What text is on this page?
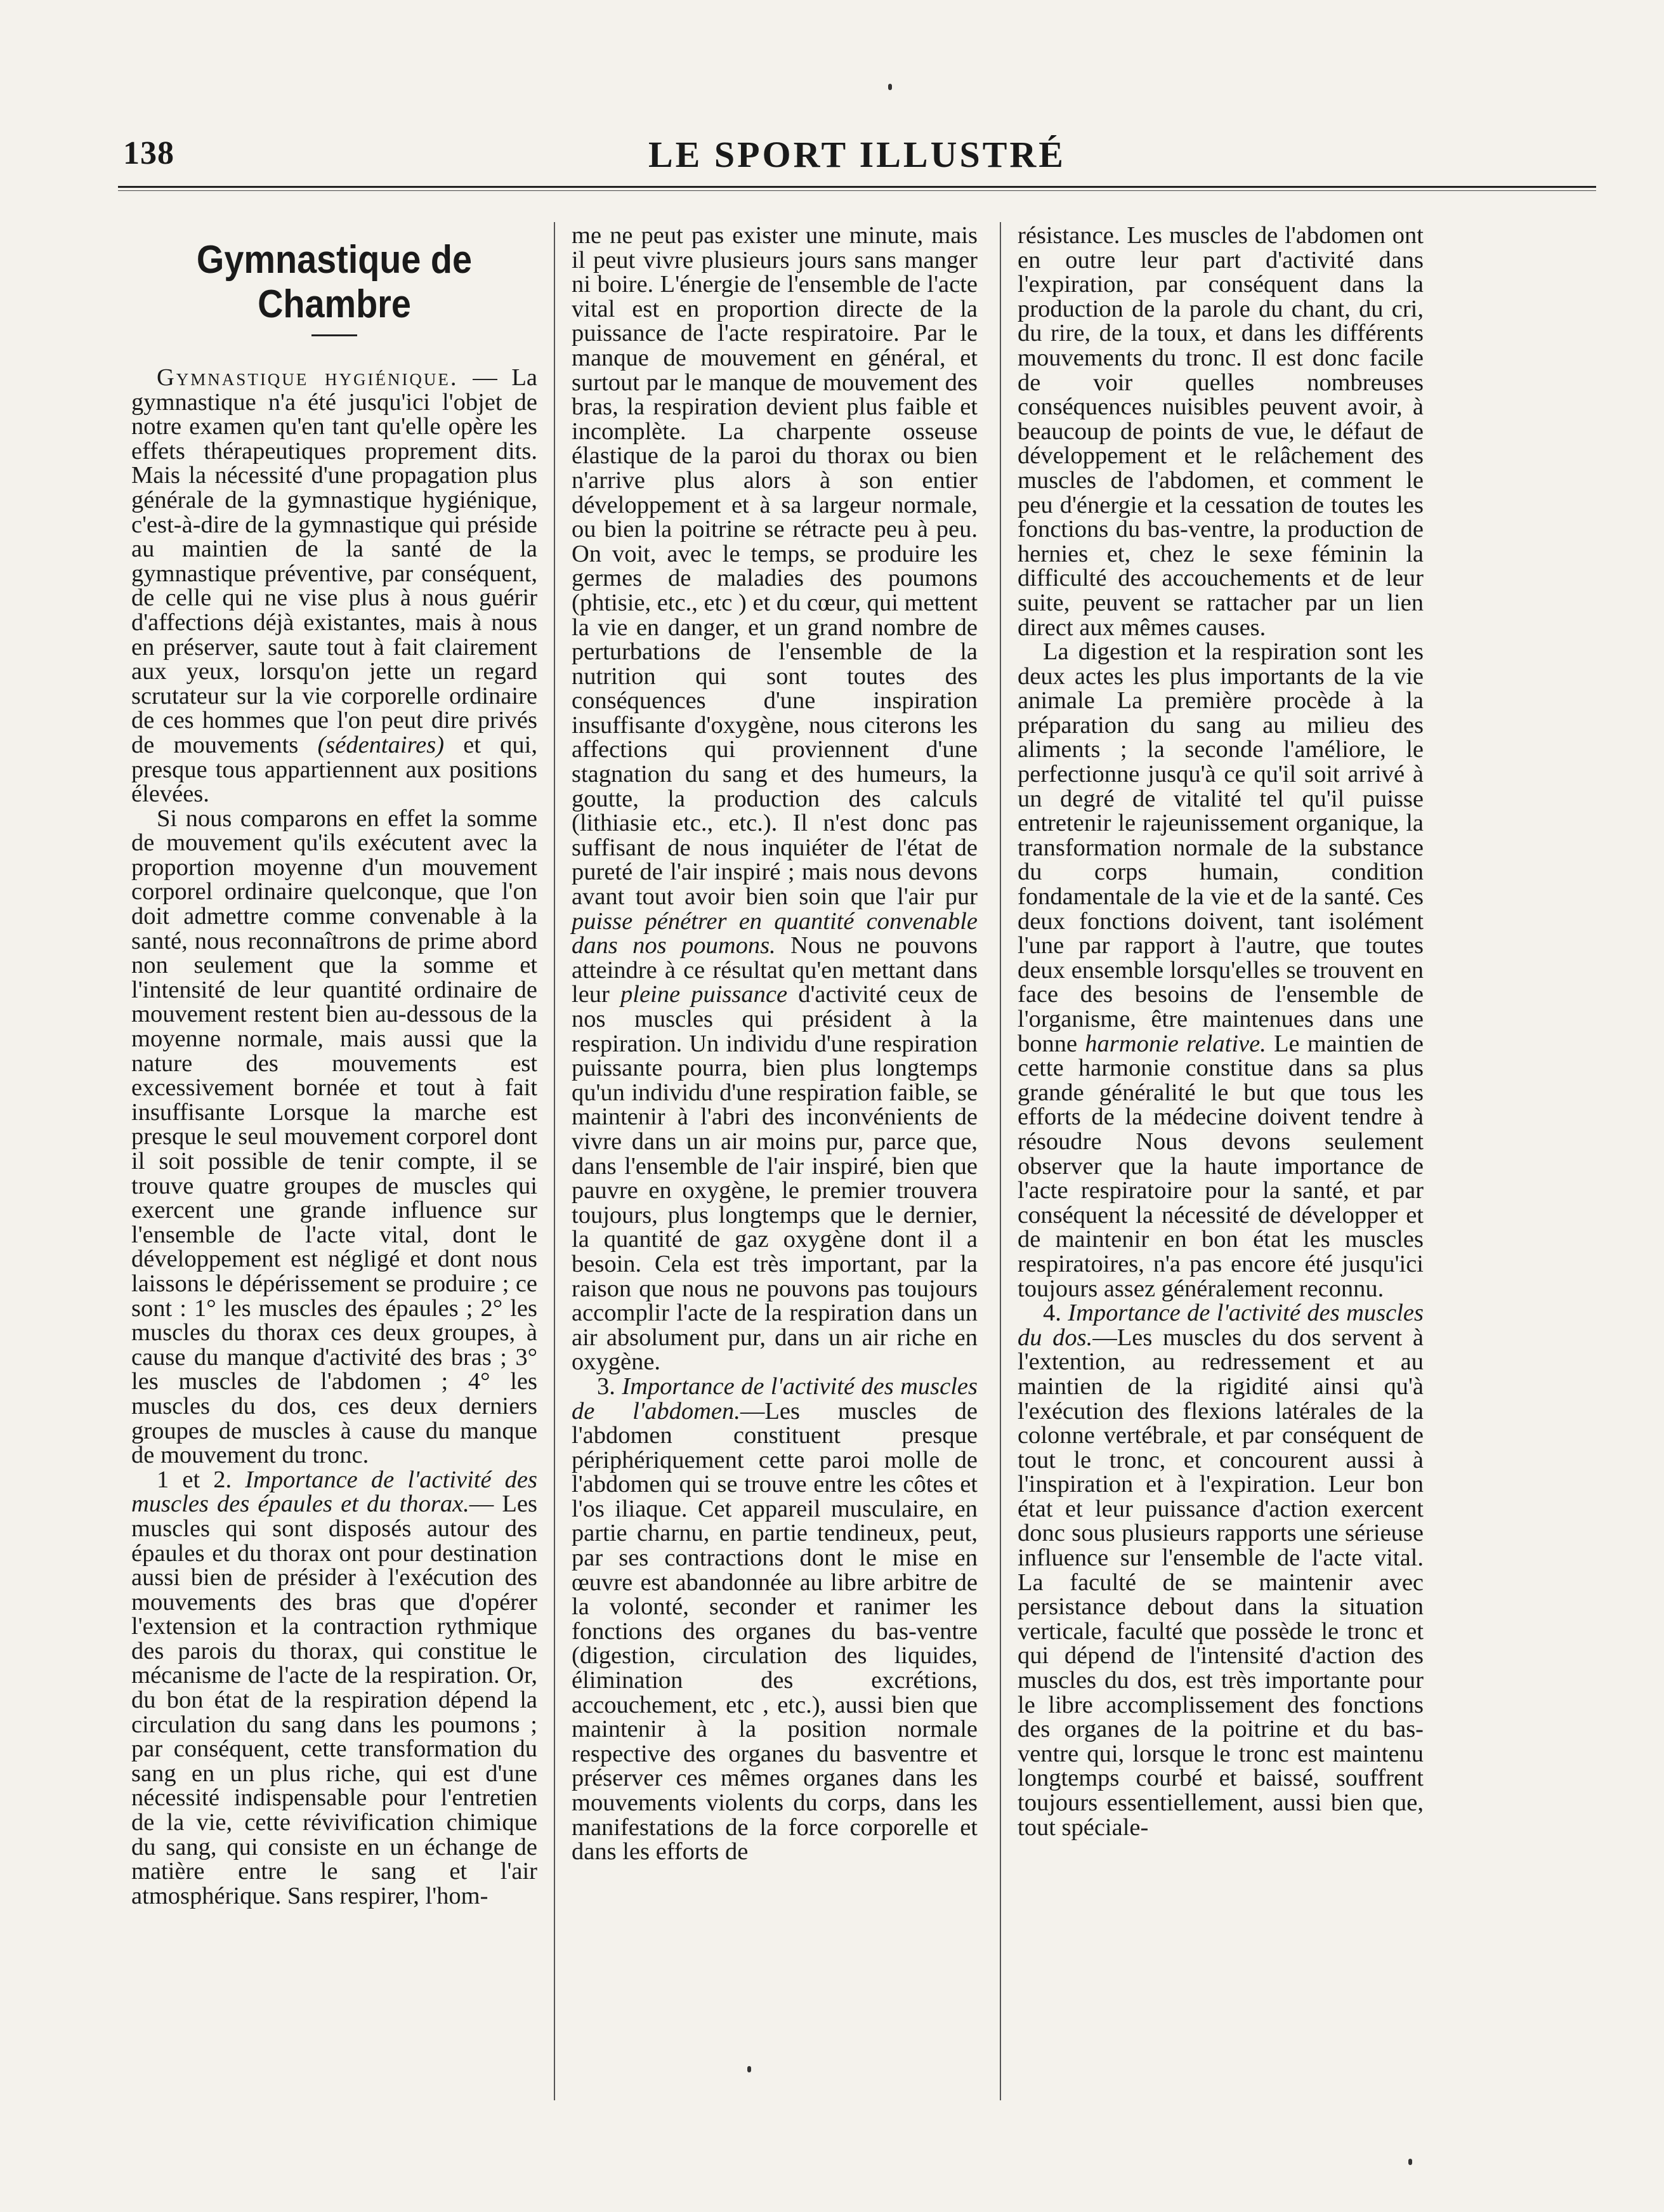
138	LE SPORT ILLUSTRÉ
Gymnastique de Chambre

Gymnastique hygiénique. — La gymnastique n'a été jusqu'ici l'objet de notre examen qu'en tant qu'elle opère les effets thérapeutiques proprement dits. Mais la nécessité d'une propagation plus générale de la gymnastique hygiénique, c'est-à-dire de la gymnastique qui préside au maintien de la santé de la gymnastique préventive, par conséquent, de celle qui ne vise plus à nous guérir d'affections déjà existantes, mais à nous en préserver, saute tout à fait clairement aux yeux, lorsqu'on jette un regard scrutateur sur la vie corporelle ordinaire de ces hommes que l'on peut dire privés de mouvements (sédentaires) et qui, presque tous appartiennent aux positions élevées.

Si nous comparons en effet la somme de mouvement qu'ils exécutent avec la proportion moyenne d'un mouvement corporel ordinaire quelconque, que l'on doit admettre comme convenable à la santé, nous reconnaîtrons de prime abord non seulement que la somme et l'intensité de leur quantité ordinaire de mouvement restent bien au-dessous de la moyenne normale, mais aussi que la nature des mouvements est excessivement bornée et tout à fait insuffisante Lorsque la marche est presque le seul mouvement corporel dont il soit possible de tenir compte, il se trouve quatre groupes de muscles qui exercent une grande influence sur l'ensemble de l'acte vital, dont le développement est négligé et dont nous laissons le dépérissement se produire ; ce sont : 1° les muscles des épaules ; 2° les muscles du thorax ces deux groupes, à cause du manque d'activité des bras ; 3° les muscles de l'abdomen ; 4° les muscles du dos, ces deux derniers groupes de muscles à cause du manque de mouvement du tronc.

1 et 2. Importance de l'activité des muscles des épaules et du thorax.— Les muscles qui sont disposés autour des épaules et du thorax ont pour destination aussi bien de présider à l'exécution des mouvements des bras que d'opérer l'extension et la contraction rythmique des parois du thorax, qui constitue le mécanisme de l'acte de la respiration. Or, du bon état de la respiration dépend la circulation du sang dans les poumons ; par conséquent, cette transformation du sang en un plus riche, qui est d'une nécessité indispensable pour l'entretien de la vie, cette révivification chimique du sang, qui consiste en un échange de matière entre le sang et l'air atmosphérique. Sans respirer, l'hom-

me ne peut pas exister une minute, mais il peut vivre plusieurs jours sans manger ni boire. L'énergie de l'ensemble de l'acte vital est en proportion directe de la puissance de l'acte respiratoire. Par le manque de mouvement en général, et surtout par le manque de mouvement des bras, la respiration devient plus faible et incomplète. La charpente osseuse élastique de la paroi du thorax ou bien n'arrive plus alors à son entier développement et à sa largeur normale, ou bien la poitrine se rétracte peu à peu. On voit, avec le temps, se produire les germes de maladies des poumons (phtisie, etc., etc ) et du cœur, qui mettent la vie en danger, et un grand nombre de perturbations de l'ensemble de la nutrition qui sont toutes des conséquences d'une inspiration insuffisante d'oxygène, nous citerons les affections qui proviennent d'une stagnation du sang et des humeurs, la goutte, la production des calculs (lithiasie etc., etc.). Il n'est donc pas suffisant de nous inquiéter de l'état de pureté de l'air inspiré ; mais nous devons avant tout avoir bien soin que l'air pur puisse pénétrer en quantité convenable dans nos poumons. Nous ne pouvons atteindre à ce résultat qu'en mettant dans leur pleine puissance d'activité ceux de nos muscles qui président à la respiration. Un individu d'une respiration puissante pourra, bien plus longtemps qu'un individu d'une respiration faible, se maintenir à l'abri des inconvénients de vivre dans un air moins pur, parce que, dans l'ensemble de l'air inspiré, bien que pauvre en oxygène, le premier trouvera toujours, plus longtemps que le dernier, la quantité de gaz oxygène dont il a besoin. Cela est très important, par la raison que nous ne pouvons pas toujours accomplir l'acte de la respiration dans un air absolument pur, dans un air riche en oxygène.

3. Importance de l'activité des muscles de l'abdomen.—Les muscles de l'abdomen constituent presque périphériquement cette paroi molle de l'abdomen qui se trouve entre les côtes et l'os iliaque. Cet appareil musculaire, en partie charnu, en partie tendineux, peut, par ses contractions dont le mise en œuvre est abandonnée au libre arbitre de la volonté, seconder et ranimer les fonctions des organes du bas-ventre (digestion, circulation des liquides, élimination des excrétions, accouchement, etc , etc.), aussi bien que maintenir à la position normale respective des organes du basventre et préserver ces mêmes organes dans les mouvements violents du corps, dans les manifestations de la force corporelle et dans les efforts de

résistance. Les muscles de l'abdomen ont en outre leur part d'activité dans l'expiration, par conséquent dans la production de la parole du chant, du cri, du rire, de la toux, et dans les différents mouvements du tronc. Il est donc facile de voir quelles nombreuses conséquences nuisibles peuvent avoir, à beaucoup de points de vue, le défaut de développement et le relâchement des muscles de l'abdomen, et comment le peu d'énergie et la cessation de toutes les fonctions du bas-ventre, la production de hernies et, chez le sexe féminin la difficulté des accouchements et de leur suite, peuvent se rattacher par un lien direct aux mêmes causes.

La digestion et la respiration sont les deux actes les plus importants de la vie animale La première procède à la préparation du sang au milieu des aliments ; la seconde l'améliore, le perfectionne jusqu'à ce qu'il soit arrivé à un degré de vitalité tel qu'il puisse entretenir le rajeunissement organique, la transformation normale de la substance du corps humain, condition fondamentale de la vie et de la santé. Ces deux fonctions doivent, tant isolément l'une par rapport à l'autre, que toutes deux ensemble lorsqu'elles se trouvent en face des besoins de l'ensemble de l'organisme, être maintenues dans une bonne harmonie relative. Le maintien de cette harmonie constitue dans sa plus grande généralité le but que tous les efforts de la médecine doivent tendre à résoudre Nous devons seulement observer que la haute importance de l'acte respiratoire pour la santé, et par conséquent la nécessité de développer et de maintenir en bon état les muscles respiratoires, n'a pas encore été jusqu'ici toujours assez généralement reconnu.

4. Importance de l'activité des muscles du dos.—Les muscles du dos servent à l'extention, au redressement et au maintien de la rigidité ainsi qu'à l'exécution des flexions latérales de la colonne vertébrale, et par conséquent de tout le tronc, et concourent aussi à l'inspiration et à l'expiration. Leur bon état et leur puissance d'action exercent donc sous plusieurs rapports une sérieuse influence sur l'ensemble de l'acte vital. La faculté de se maintenir avec persistance debout dans la situation verticale, faculté que possède le tronc et qui dépend de l'intensité d'action des muscles du dos, est très importante pour le libre accomplissement des fonctions des organes de la poitrine et du bas-ventre qui, lorsque le tronc est maintenu longtemps courbé et baissé, souffrent toujours essentiellement, aussi bien que, tout spéciale-
